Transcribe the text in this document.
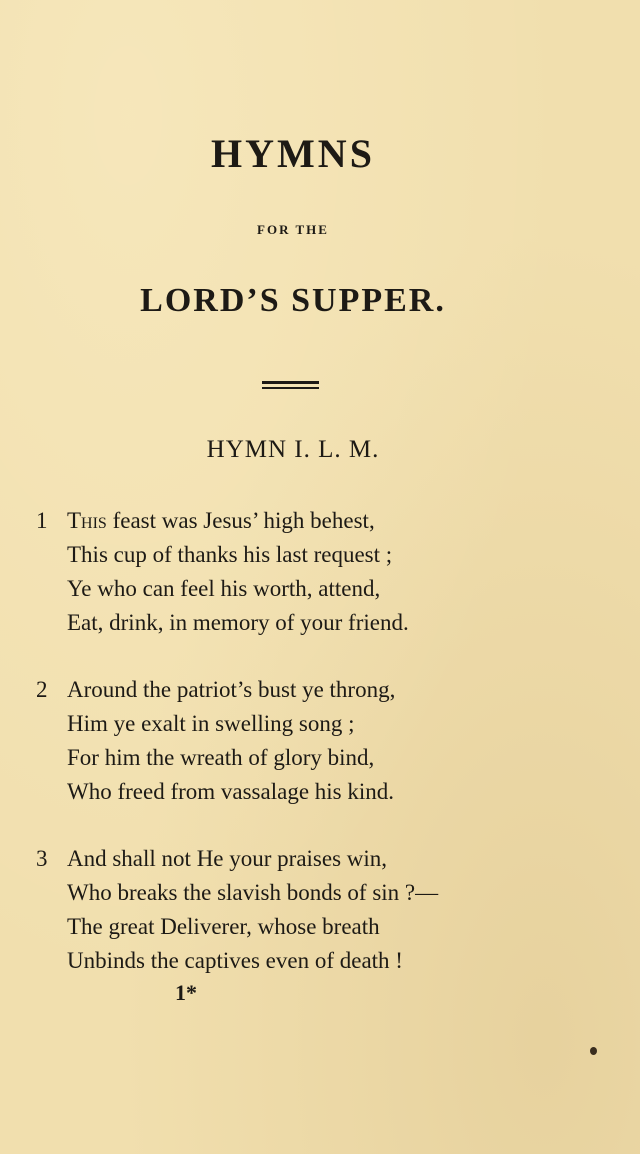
HYMNS
FOR THE
LORD’S SUPPER.
HYMN I. L. M.
1 This feast was Jesus’ high behest,
This cup of thanks his last request ;
Ye who can feel his worth, attend,
Eat, drink, in memory of your friend.
2 Around the patriot’s bust ye throng,
Him ye exalt in swelling song ;
For him the wreath of glory bind,
Who freed from vassalage his kind.
3 And shall not He your praises win,
Who breaks the slavish bonds of sin ?—
The great Deliverer, whose breath
Unbinds the captives even of death !
1*
